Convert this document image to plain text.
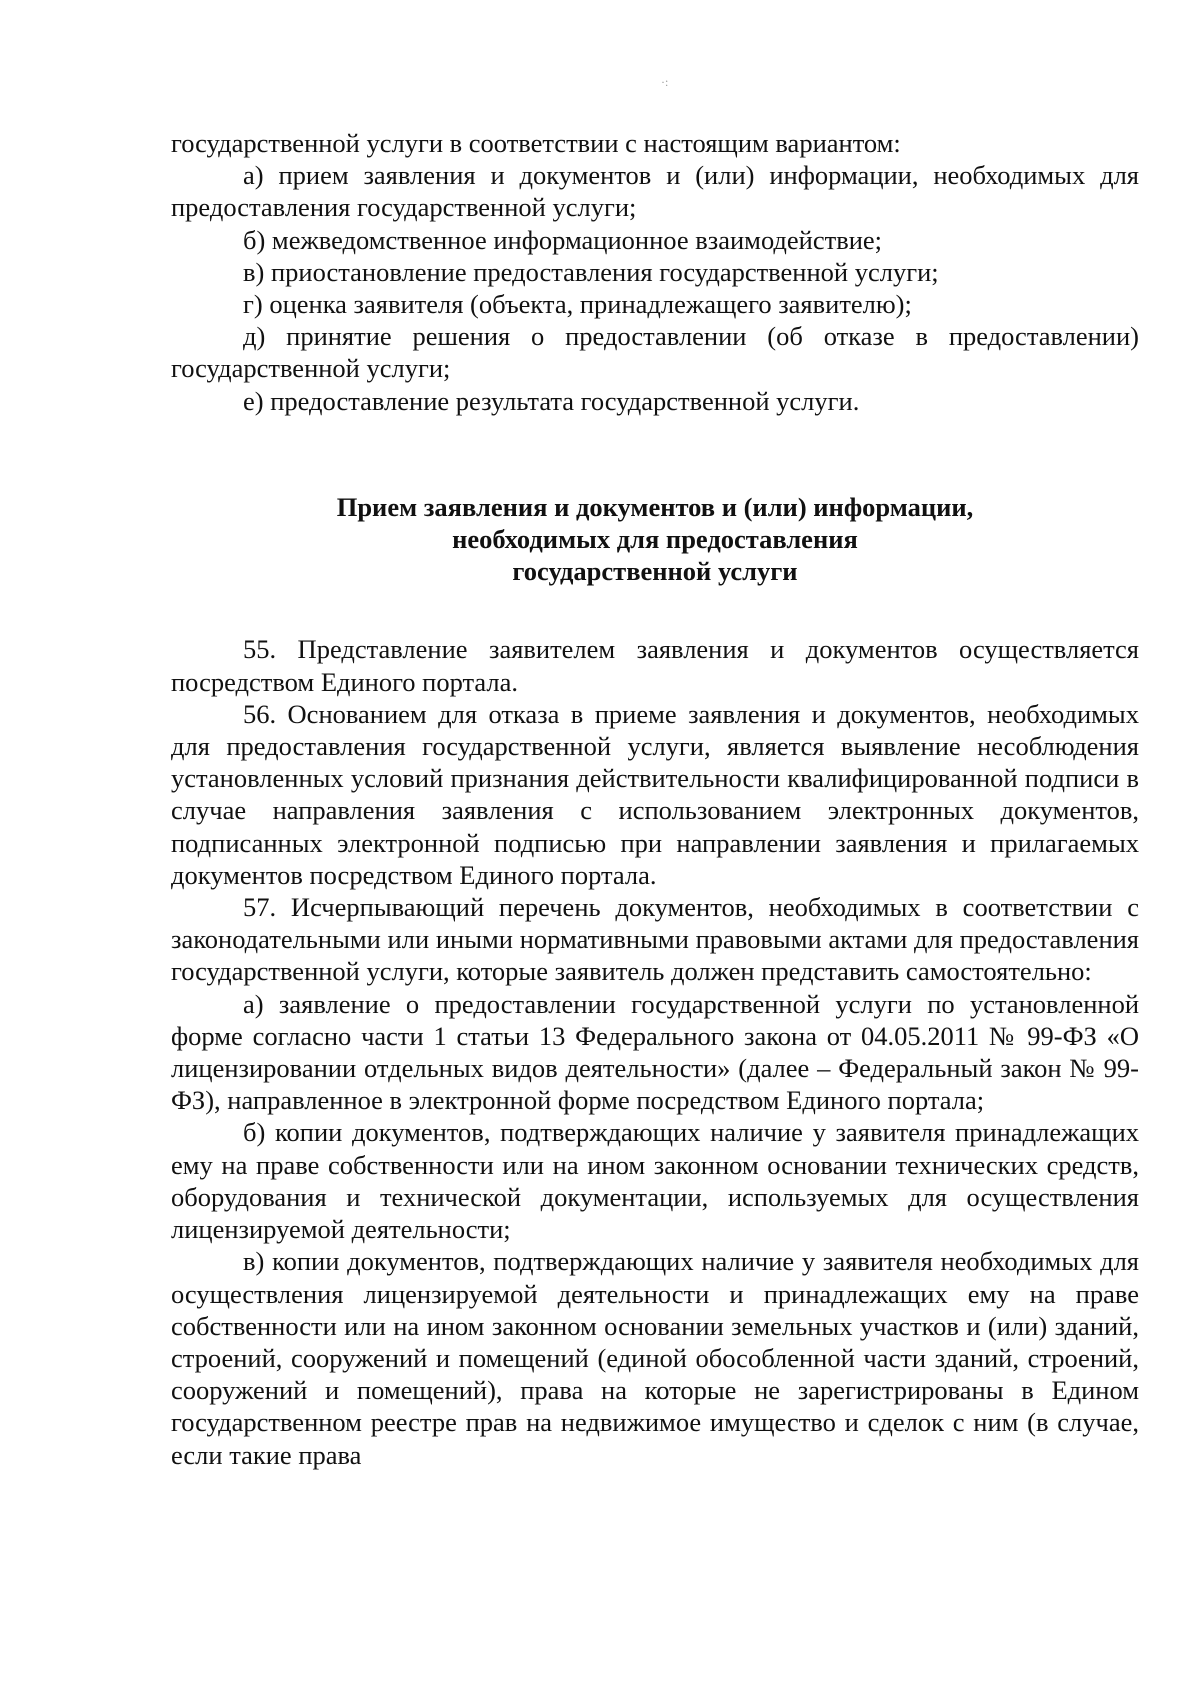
·:

государственной услуги в соответствии с настоящим вариантом:

а) прием заявления и документов и (или) информации, необходимых для предоставления государственной услуги;

б) межведомственное информационное взаимодействие;

в) приостановление предоставления государственной услуги;

г) оценка заявителя (объекта, принадлежащего заявителю);

д) принятие решения о предоставлении (об отказе в предоставлении) государственной услуги;

е) предоставление результата государственной услуги.

Прием заявления и документов и (или) информации,
необходимых для предоставления
государственной услуги

55. Представление заявителем заявления и документов осуществляется посредством Единого портала.

56. Основанием для отказа в приеме заявления и документов, необходимых для предоставления государственной услуги, является выявление несоблюдения установленных условий признания действительности квалифицированной подписи в случае направления заявления с использованием электронных документов, подписанных электронной подписью при направлении заявления и прилагаемых документов посредством Единого портала.

57. Исчерпывающий перечень документов, необходимых в соответствии с законодательными или иными нормативными правовыми актами для предоставления государственной услуги, которые заявитель должен представить самостоятельно:

а) заявление о предоставлении государственной услуги по установленной форме согласно части 1 статьи 13 Федерального закона от 04.05.2011 № 99-ФЗ «О лицензировании отдельных видов деятельности» (далее – Федеральный закон № 99-ФЗ), направленное в электронной форме посредством Единого портала;

б) копии документов, подтверждающих наличие у заявителя принадлежащих ему на праве собственности или на ином законном основании технических средств, оборудования и технической документации, используемых для осуществления лицензируемой деятельности;

в) копии документов, подтверждающих наличие у заявителя необходимых для осуществления лицензируемой деятельности и принадлежащих ему на праве собственности или на ином законном основании земельных участков и (или) зданий, строений, сооружений и помещений (единой обособленной части зданий, строений, сооружений и помещений), права на которые не зарегистрированы в Едином государственном реестре прав на недвижимое имущество и сделок с ним (в случае, если такие права
